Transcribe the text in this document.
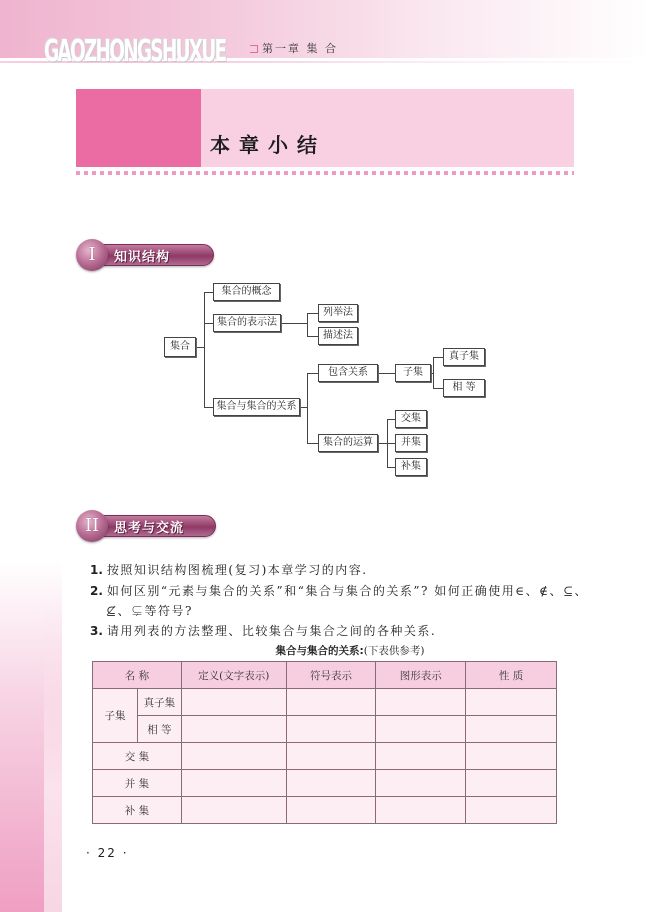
GAOZHONGSHUXUE	第一章 集 合
本章小结
I	知识结构
集合
集合的概念
集合的表示法
列举法
描述法
集合与集合的关系
包含关系	子集
真子集
相 等
集合的运算
交集
并集
补集
II	思考与交流
1. 按照知识结构图梳理(复习)本章学习的内容.
2. 如何区别“元素与集合的关系”和“集合与集合的关系”? 如何正确使用∈、∉、⊆、
⊈、⊊等符号?
3. 请用列表的方法整理、比较集合与集合之间的各种关系.
集合与集合的关系:(下表供参考)
名 称		定义(文字表示)	符号表示	图形表示	性 质
子集	真子集				
	相 等				
交 集					
并 集					
补 集					
· 22 ·
